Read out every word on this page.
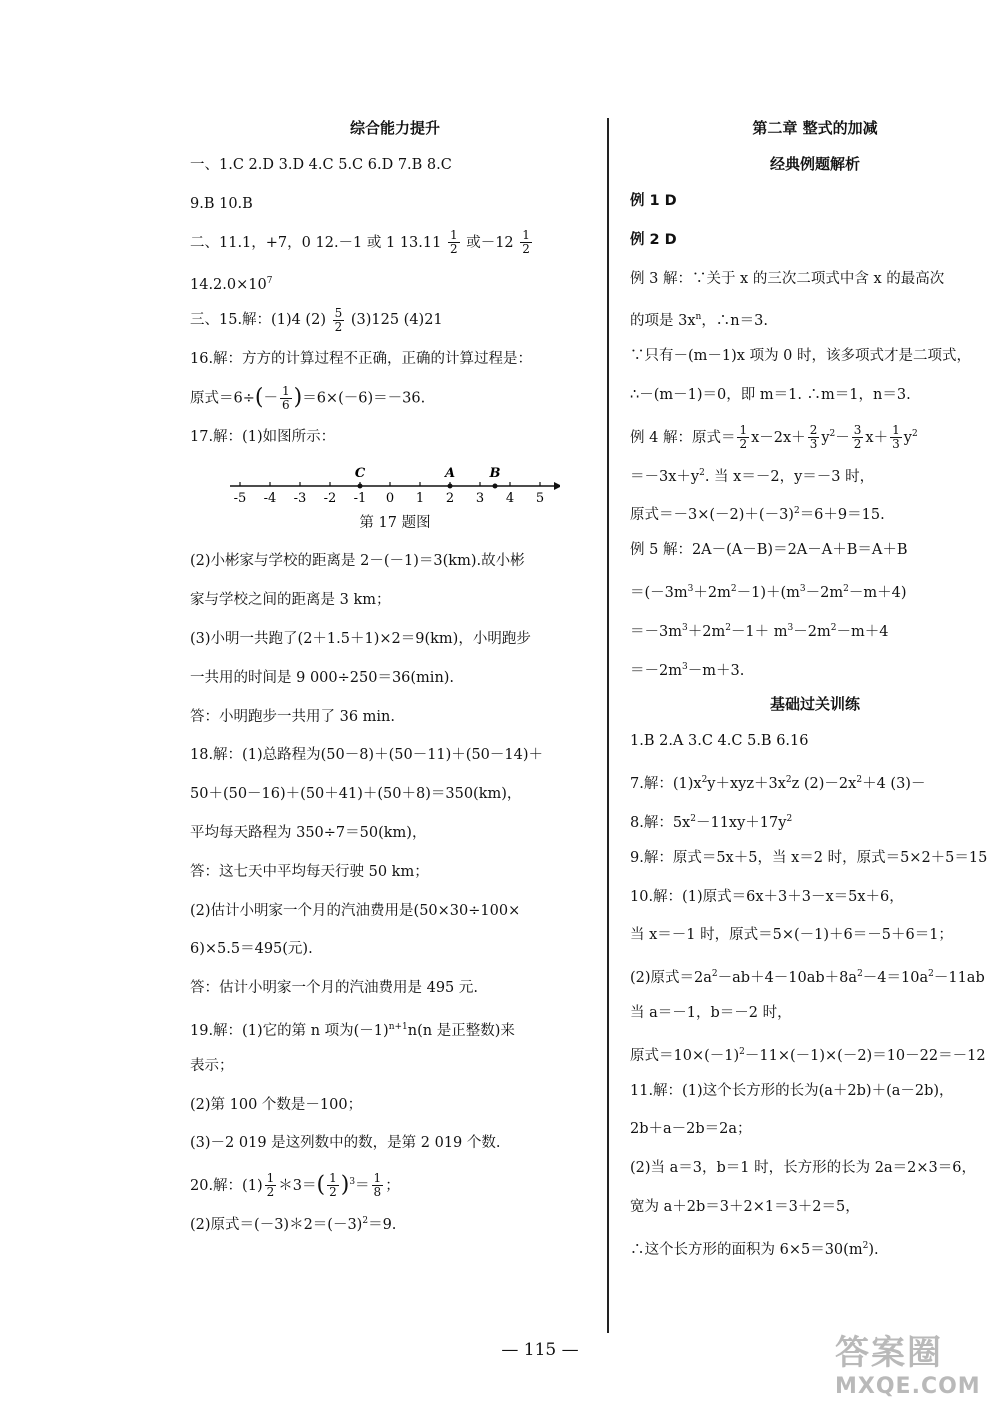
综合能力提升
一、1.C 2.D 3.D 4.C 5.C 6.D 7.B 8.C
9.B 10.B
二、11.1，+7，0 12.－1 或 1 $13.11 \frac{1}{2}$ 或$-12 \frac{1}{2}$
$14.2.0\times 10^7$
三、15.解：(1)4 $(2) \frac{5}{2} (3)125$ (4)21
16.解：方方的计算过程不正确，正确的计算过程是：
原式$=6\div(- \frac{1}{6} )=6\times(-6)=-36$.
17.解：(1)如图所示：
-5 -4 -3 -2 -1 0 1 2 3 4 5
C	A	B
第 17 题图
(2)小彬家与学校的距离是 2－(－1)＝3(km).故小彬
家与学校之间的距离是 3 km；
(3)小明一共跑了(2＋1.5＋1)×2＝9(km)，小明跑步
一共用的时间是 9 000÷250＝36(min).
答：小明跑步一共用了 36 min.
18.解：(1)总路程为(50－8)＋(50－11)＋(50－14)＋
50＋(50－16)＋(50＋41)＋(50＋8)＝350(km)，
平均每天路程为 350÷7＝50(km)，
答：这七天中平均每天行驶 50 km；
(2)估计小明家一个月的汽油费用是(50×30÷100×
6)×5.5＝495(元).
答：估计小明家一个月的汽油费用是 495 元.
19.解：(1)它的第 n 项为$(-1)^{n+1}n(n$ 是正整数)来
表示；
(2)第 100 个数是－100；
(3)－2 019 是这列数中的数，是第 2 019 个数.
20.解：$(1) \frac{1}{2}$ ＊3＝( $\frac{1}{2} )^3= \frac{1}{8}$ ；
(2)原式$=(-3)*2=(-3)^2=9$.
第二章 整式的加减
经典例题解析
例 1 D
例 2 D
例 3 解：∵关于 x 的三次二项式中含 x 的最高次
的项是 $3x^n$，∴n＝3.
∵只有－(m－1)x 项为 0 时，该多项式才是二项式，
∴－(m－1)＝0，即 m＝1. ∴m＝1，n＝3.
例 4 解：原式＝ $\frac{1}{2} x-2x+ \frac{2}{3} y^2- \frac{3}{2} x+ \frac{1}{3} y^2$
$=-3x+y^2$. 当 x＝－2，y＝－3 时，
原式$=-3\times(-2)+(-3)^2=6+9=15$.
例 5 解：2A－(A－B)＝2A－A＋B＝A＋B
$=(-3m^3+2m^2-1)+(m^3-2m^2-m+4)$
$=-3m^3+2m^2-1+ m^3-2m^2-m+4$
$=-2m^3-m+3$.
基础过关训练
1.B 2.A 3.C 4.C 5.B 6.16
7.解：$(1)x^2y+xyz+3x^2z$ $(2)-2x^2+4$ (3)－
8.解：$5x^2-11xy+17y^2$
9.解：原式＝5x＋5，当 x＝2 时，原式＝5×2＋5＝15
10.解：(1)原式＝6x＋3＋3－x＝5x＋6，
当 x＝－1 时，原式＝5×(－1)＋6＝－5＋6＝1；
(2)原式$=2a^2-ab+4-10ab+8a^2-4=10a^2-11ab$
当 a＝－1，b＝－2 时，
原式$=10\times(-1)^2-11\times(-1)\times(-2)=10-22=-12$
11.解：(1)这个长方形的长为(a＋2b)＋(a－2b)，
2b＋a－2b＝2a；
(2)当 a＝3，b＝1 时，长方形的长为 2a＝2×3＝6，
宽为 a＋2b＝3＋2×1＝3＋2＝5，
∴这个长方形的面积为 $6\times 5=30(m^2)$.
— 115 —	答案圈
MXQE.COM
